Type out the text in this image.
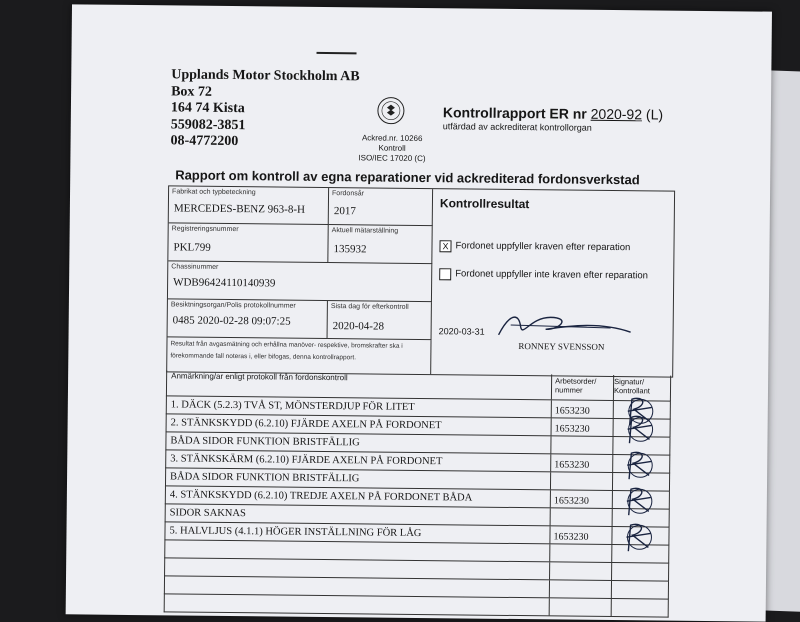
Upplands Motor Stockholm AB
Box 72
164 74 Kista
559082-3851
08-4772200	Ackred.nr. 10266
Kontroll
ISO/IEC 17020 (C)
Kontrollrapport ER nr 2020-92 (L)
utfärdad av ackrediterat kontrollorgan
Rapport om kontroll av egna reparationer vid ackrediterad fordonsverkstad
Fabrikat och typbeteckning
MERCEDES-BENZ 963-8-H
Fordonsår
2017
Registreringsnummer
PKL799
Aktuell mätarställning
135932
Chassinummer
WDB96424110140939
Besiktningsorgan/Polis protokollnummer
0485 2020-02-28 09:07:25
Sista dag för efterkontroll
2020-04-28
Resultat från avgasmätning och erhållna manöver- respektive, bromskrafter ska i
förekommande fall noteras i, eller bifogas, denna kontrollrapport.
Kontrollresultat
X Fordonet uppfyller kraven efter reparation
Fordonet uppfyller inte kraven efter reparation
2020-03-31
RONNEY SVENSSON
Anmärkning/ar enligt protokoll från fordonskontroll	Arbetsorder/ nummer
Signatur/ Kontrollant
1. DÄCK (5.2.3) TVÅ ST, MÖNSTERDJUP FÖR LITET	1653230
2. STÄNKSKYDD (6.2.10) FJÄRDE AXELN PÅ FORDONET	1653230
BÅDA SIDOR FUNKTION BRISTFÄLLIG
3. STÄNKSKÄRM (6.2.10) FJÄRDE AXELN PÅ FORDONET	1653230
BÅDA SIDOR FUNKTION BRISTFÄLLIG
4. STÄNKSKYDD (6.2.10) TREDJE AXELN PÅ FORDONET BÅDA	1653230
SIDOR SAKNAS
5. HALVLJUS (4.1.1) HÖGER INSTÄLLNING FÖR LÅG	1653230
